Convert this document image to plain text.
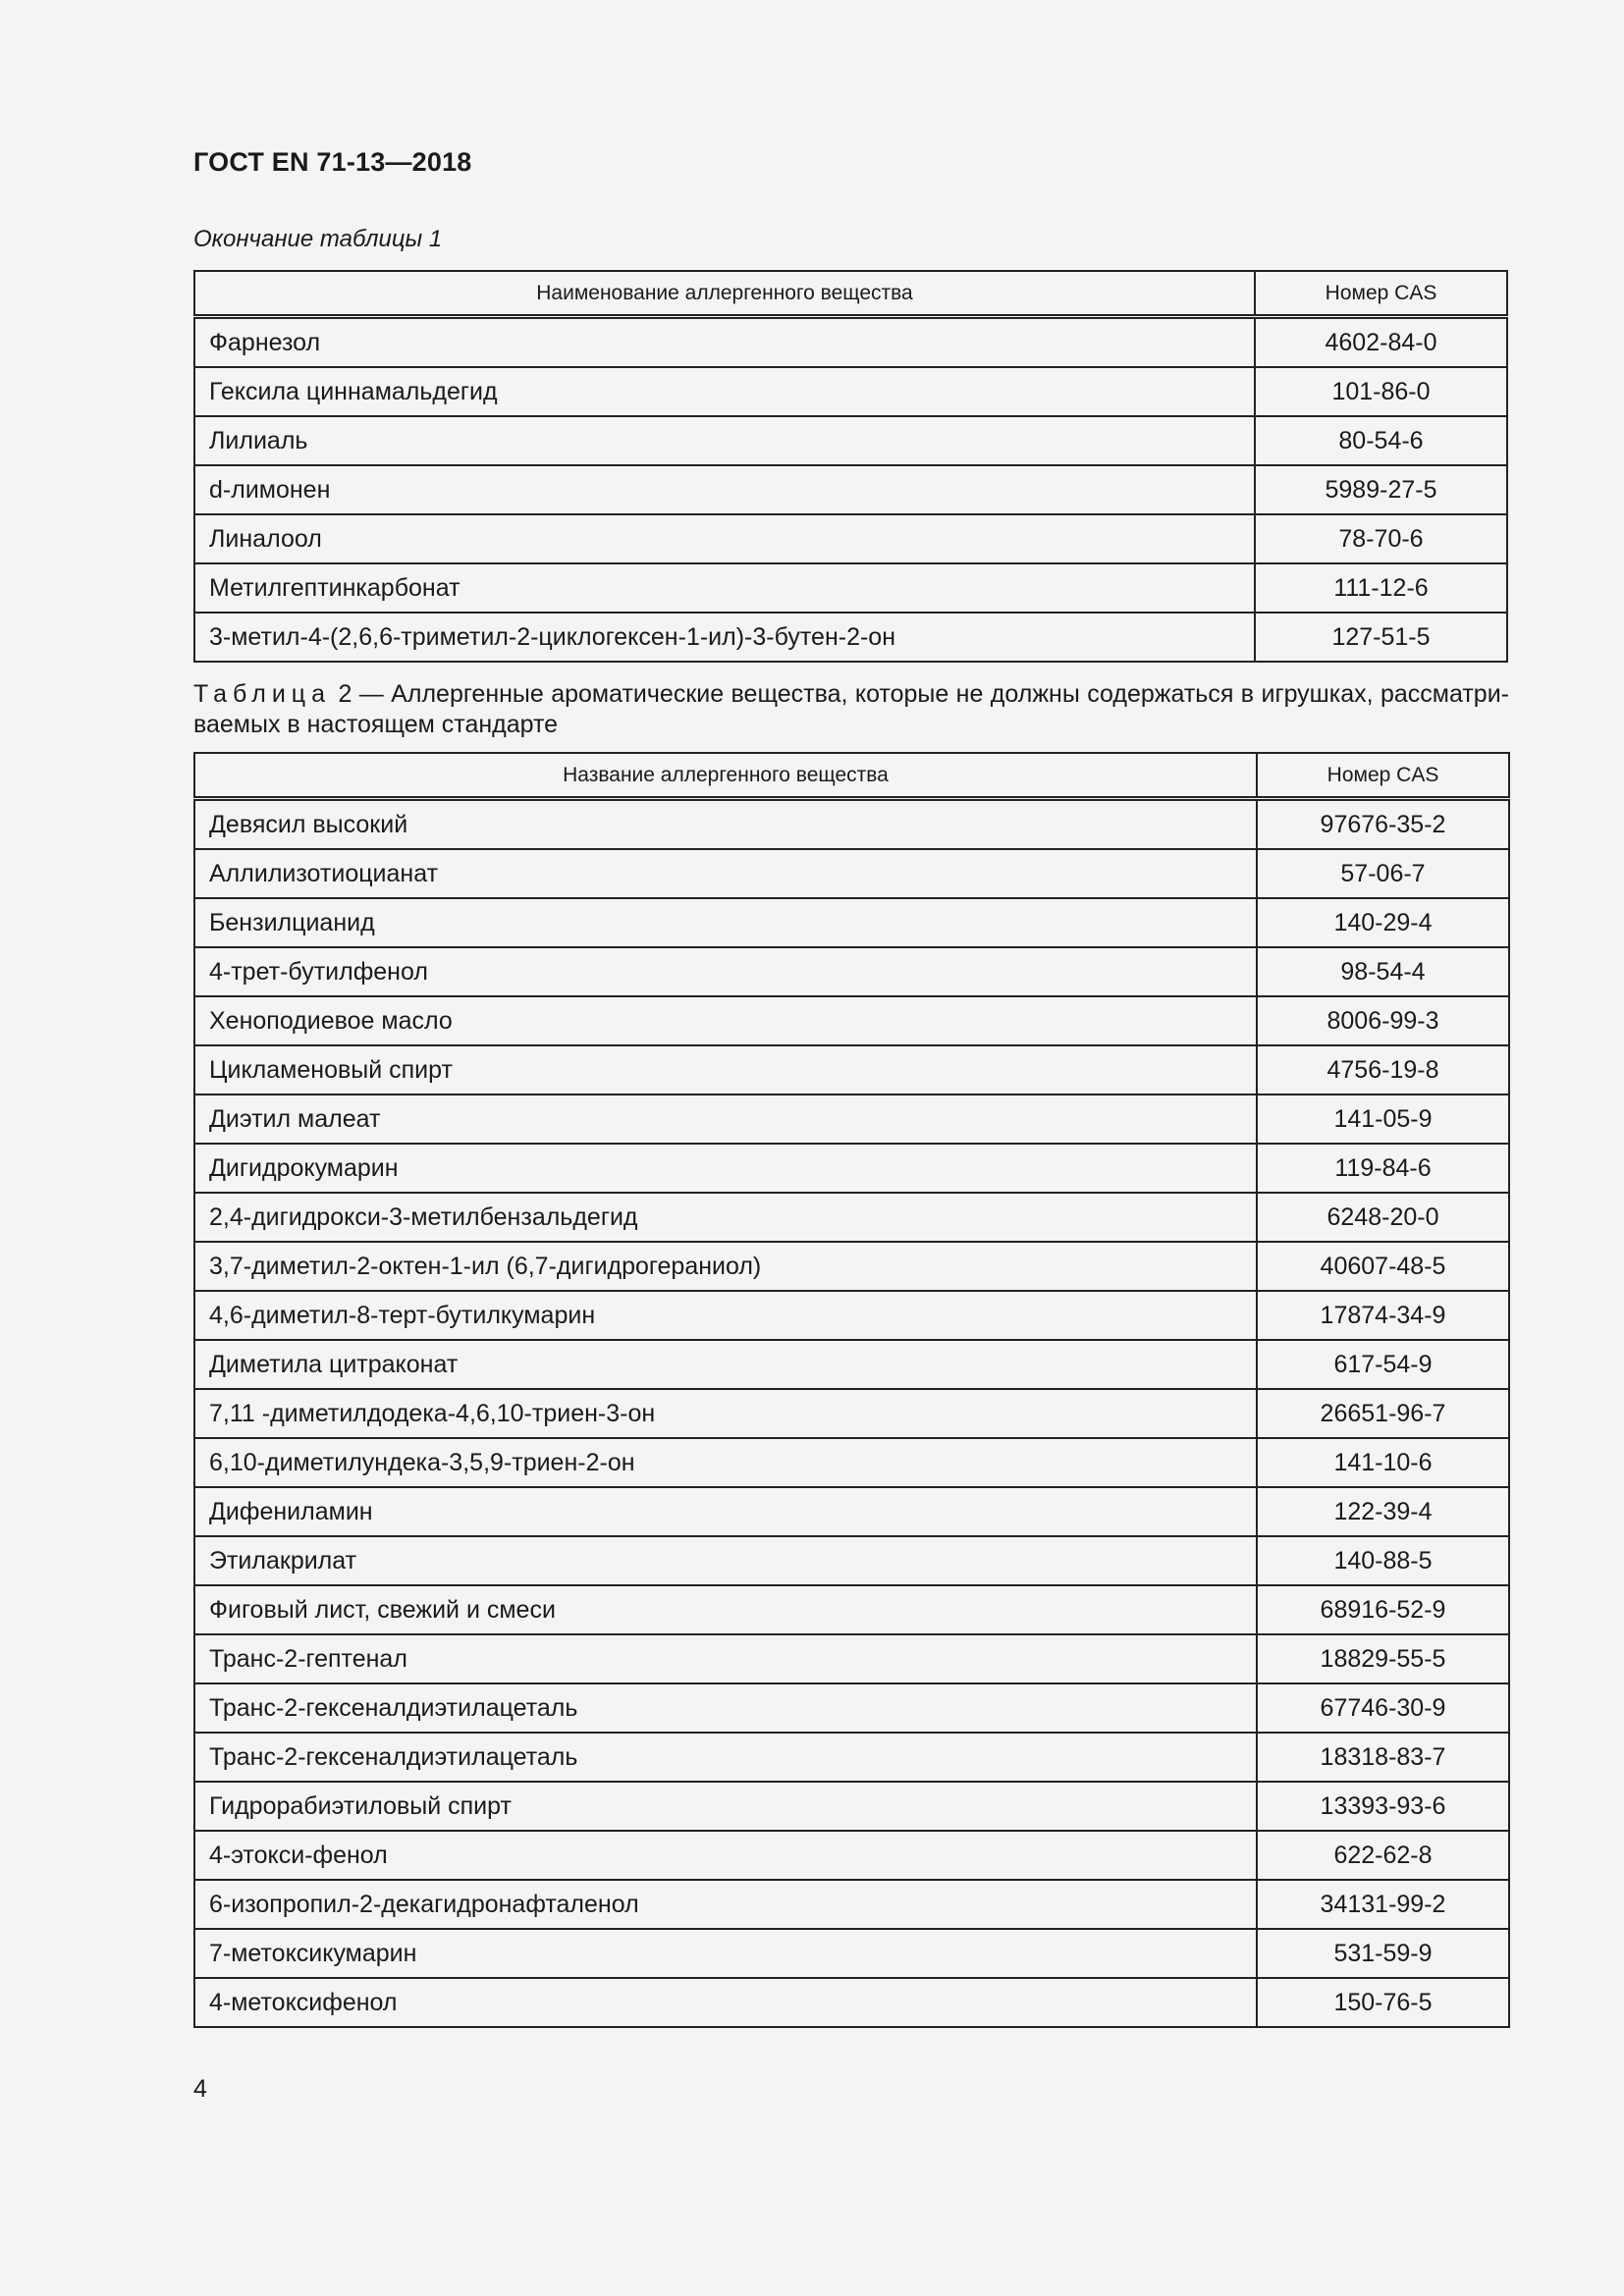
ГОСТ EN 71-13—2018
Окончание таблицы 1
Наименование аллергенного вещества	Номер CAS
Фарнезол	4602-84-0
Гексила циннамальдегид	101-86-0
Лилиаль	80-54-6
d-лимонен	5989-27-5
Линалоол	78-70-6
Метилгептинкарбонат	111-12-6
3-метил-4-(2,6,6-триметил-2-циклогексен-1-ил)-3-бутен-2-он	127-51-5
Таблица 2 — Аллергенные ароматические вещества, которые не должны содержаться в игрушках, рассматри-ваемых в настоящем стандарте
Название аллергенного вещества	Номер CAS
Девясил высокий	97676-35-2
Аллилизотиоцианат	57-06-7
Бензилцианид	140-29-4
4-трет-бутилфенол	98-54-4
Хеноподиевое масло	8006-99-3
Цикламеновый спирт	4756-19-8
Диэтил малеат	141-05-9
Дигидрокумарин	119-84-6
2,4-дигидрокси-3-метилбензальдегид	6248-20-0
3,7-диметил-2-октен-1-ил (6,7-дигидрогераниол)	40607-48-5
4,6-диметил-8-терт-бутилкумарин	17874-34-9
Диметила цитраконат	617-54-9
7,11 -диметилдодека-4,6,10-триен-3-он	26651-96-7
6,10-диметилундека-3,5,9-триен-2-он	141-10-6
Дифениламин	122-39-4
Этилакрилат	140-88-5
Фиговый лист, свежий и смеси	68916-52-9
Транс-2-гептенал	18829-55-5
Транс-2-гексеналдиэтилацеталь	67746-30-9
Транс-2-гексеналдиэтилацеталь	18318-83-7
Гидрорабиэтиловый спирт	13393-93-6
4-этокси-фенол	622-62-8
6-изопропил-2-декагидронафталенол	34131-99-2
7-метоксикумарин	531-59-9
4-метоксифенол	150-76-5
4
